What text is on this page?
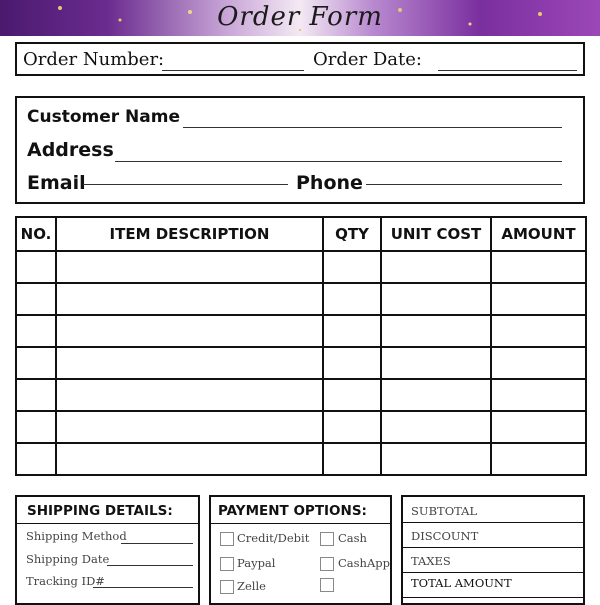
Order Form
Order Number:	Order Date:
Customer Name
Address
Email	Phone
NO.	ITEM DESCRIPTION	QTY	UNIT COST	AMOUNT

SHIPPING DETAILS:
Shipping Method
Shipping Date
Tracking ID#
PAYMENT OPTIONS:
Credit/Debit Cash
Paypal	CashApp
Zelle
SUBTOTAL
DISCOUNT
TAXES
TOTAL AMOUNT
